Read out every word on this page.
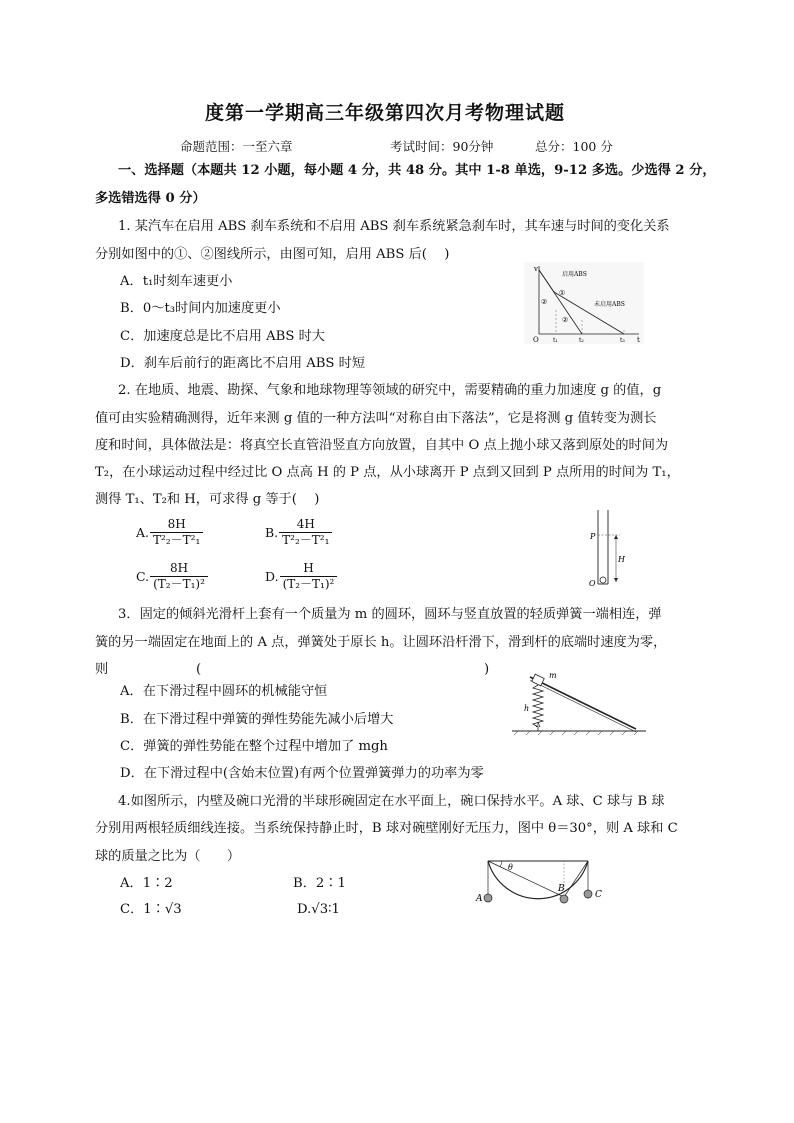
度第一学期高三年级第四次月考物理试题
命题范围：一至六章	考试时间：90分钟	总分：100 分
一、选择题（本题共 12 小题，每小题 4 分，共 48 分。其中 1-8 单选，9-12 多选。少选得 2 分，
多选错选得 0 分）
1. 某汽车在启用 ABS 刹车系统和不启用 ABS 刹车系统紧急刹车时，其车速与时间的变化关系
分别如图中的①、②图线所示，由图可知，启用 ABS 后(　 )
A．t₁时刻车速更小
B．0～t₃时间内加速度更小
C．加速度总是比不启用 ABS 时大
D．刹车后前行的距离比不启用 ABS 时短
v
O	t
t₁	t₂	t₃
启用ABS
未启用ABS
①
②
②
2. 在地质、地震、勘探、气象和地球物理等领域的研究中，需要精确的重力加速度 g 的值，g
值可由实验精确测得，近年来测 g 值的一种方法叫“对称自由下落法”，它是将测 g 值转变为测长
度和时间，具体做法是：将真空长直管沿竖直方向放置，自其中 O 点上抛小球又落到原处的时间为
T₂，在小球运动过程中经过比 O 点高 H 的 P 点，从小球离开 P 点到又回到 P 点所用的时间为 T₁，
测得 T₁、T₂和 H，可求得 g 等于(　 )
A. $\frac{8H}{\text{T²₂－T²₁}}$	B. $\frac{4H}{\text{T²₂－T²₁}}$
C. $\frac{8H}{\text{(T₂－T₁)²}}$	D. $\frac{H}{\text{(T₂－T₁)²}}$
P
H
O
3．固定的倾斜光滑杆上套有一个质量为 m 的圆环，圆环与竖直放置的轻质弹簧一端相连，弹
簧的另一端固定在地面上的 A 点，弹簧处于原长 h。让圆环沿杆滑下，滑到杆的底端时速度为零，
则	(	)
A．在下滑过程中圆环的机械能守恒
B．在下滑过程中弹簧的弹性势能先减小后增大
C．弹簧的弹性势能在整个过程中增加了 mgh
D．在下滑过程中(含始末位置)有两个位置弹簧弹力的功率为零
m
h
A
4.如图所示，内壁及碗口光滑的半球形碗固定在水平面上，碗口保持水平。A 球、C 球与 B 球
分别用两根轻质细线连接。当系统保持静止时，B 球对碗壁刚好无压力，图中 θ＝30°，则 A 球和 C
球的质量之比为（　　）
A．1∶2	B．2∶1
C．1∶√3	D.√3∶1
θ
A
B
C
